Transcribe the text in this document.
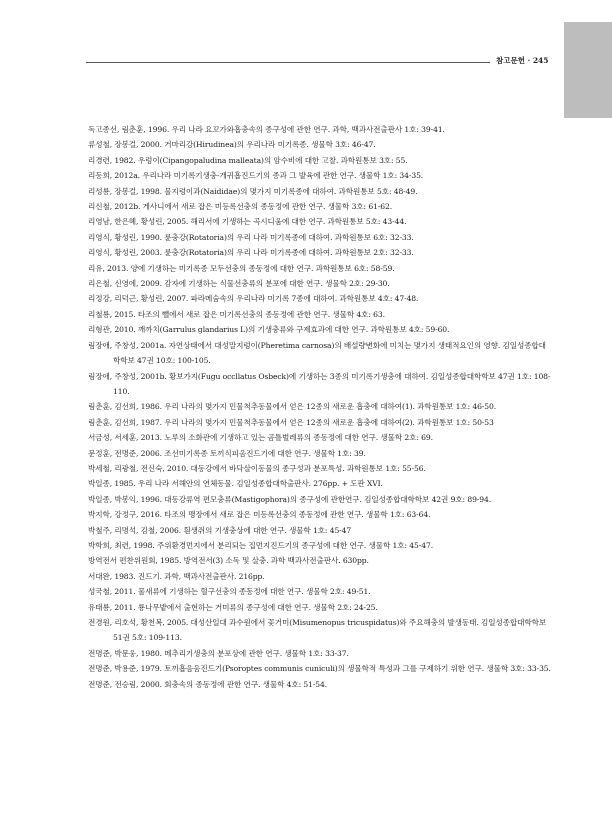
참고문헌 · 245

독고종선, 림춘훈, 1996. 우리 나라 요꼬가와흡충속의 종구성에 관한 연구. 과학, 백과사전출판사 1호: 39-41.

류성철, 장봉걸, 2000. 거마리강(Hirudinea)의 우리나라 미기록종. 생물학 3호: 46-47.

리경련, 1982. 우렁이(Cipangopaludina malleata)의 암수비에 대한 고찰. 과학원통보 3호: 55.

리동희, 2012a. 우리나라 미기록기생충-개귀흡진드기의 종과 그 발육에 관한 연구. 생물학 1호: 34-35.

리성룡, 장봉걸, 1998. 물지렁이과(Naididae)의 몇가지 미기록종에 대하여. 과학원통보 5호: 48-49.

리신철, 2012b. 게사니에서 새로 잡은 미등록선충의 종동정에 관한 연구. 생물학 3호: 61-62.

리영남, 한은혜, 황성린, 2005. 해리서에 기생하는 곡시디움에 대한 연구. 과학원통보 5호: 43-44.

리영식, 황성린, 1990. 륜충강(Rotatoria)의 우리 나라 미기록종에 대하여. 과학원통보 6호: 32-33.

리영식, 황성린, 2003. 륜충강(Rotatoria)의 우리 나라 미기록종에 대하여. 과학원통보 2호: 32-33.

리유, 2013. 양에 기생하는 미기록종 모두선충의 종동정에 대한 연구. 과학원통보 6호: 58-59.

리은철, 신영에, 2009. 감자에 기생하는 식물선충류의 분포에 대한 연구. 생물학 2호: 29-30.

리정강, 리덕근, 황성린, 2007. 파라메숨속의 우리나라 미기록 7종에 대하여. 과학원통보 4호: 47-48.

리철룡, 2015. 타조의 뺄에서 새로 잡은 미기록선충의 종동정에 관한 연구. 생물학 4호: 63.

리형관, 2010. 깨까치(Garrulus glandarius L)의 기생충류와 구제효과에 대한 연구. 과학원통보 4호: 59-60.

림장애, 주창성, 2001a. 자연상태에서 대성말지렁이(Pheretima carnosa)의 배설량변화에 미치는 몇가지 생태적요인의 영향. 김일성종합대학학보 47권 10호: 100-105.

림장애, 주창성, 2001b. 황보가지(Fugu occllatus Osbeck)에 기생하는 3종의 미기록기생충에 대하여. 김일성종합대학학보 47권 1호: 108-110.

림춘훈, 김선희, 1986. 우리 나라의 몇가지 민물척추동물에서 얻은 12종의 새로운 흡충에 대하여(1). 과학원통보 1호: 46-50.

림춘훈, 김선희, 1987. 우리 나라의 몇가지 민물척추동물에서 얻은 12종의 새로운 흡충에 대하여(2). 과학원통보 1호: 50-53

서금성, 서세훈, 2013. 노루의 소화관에 기생하고 있는 곰틀벌레류의 종동정에 대한 연구. 생물학 2호: 69.

문정훈, 전명준, 2006. 조선미기록종 토끼식피옴진드기에 대한 연구. 생물학 1호: 39.

박세철, 리광철, 전신숙, 2010. 대동강에서 바닥살이동물의 종구성과 분포특성. 과학원통보 1호: 55-56.

박일종, 1985. 우리 나라 서해안의 연체동물. 김일성종합대학출판사. 276pp. + 도판 XVI.

박일종, 박봉익, 1996. 대동강류역 편모충류(Mastigophora)의 종구성에 관한연구. 김일성종합대학학보 42권 9호: 89-94.

박지학, 강정구, 2016. 타조의 맹장에서 새로 잡은 미등록선충의 종동정에 관한 연구. 생물학 1호: 63-64.

박철주, 리명석, 김철, 2006. 흰생쥐의 기생충상에 대한 연구. 생물학 1호: 45-47

박학희, 최련, 1998. 주위환경먼지에서 분리되는 집먼지진드기의 종구성에 대한 연구. 생물학 1호: 45-47.

방역전서 편찬위원회, 1985. 방역전서(3) 소독 및 살충. 과학 백과사전출판사. 630pp.

서대완, 1983. 진드기. 과학, 백과사전출판사. 216pp.

성국철, 2011. 물새류에 기생하는 혈구선충의 종동정에 대한 연구. 생물학 2호: 49-51.

유태룡, 2011. 룡나무밭에서 출현하는 거미류의 종구성에 대한 연구. 생물학 2호: 24-25.

전경원, 리호석, 황천복, 2005. 대성산일대 과수원에서 꽃거미(Misumenopus tricuspidatus)와 주요해충의 발생동태. 김일성종합대학학보 51권 5호: 109-113.

전명준, 박문웅, 1980. 메추리기생충의 분포상에 관한 연구. 생물학 1호: 33-37.

전명준, 박용준, 1979. 토끼흡음옴진드기(Psoroptes communis cuniculi)의 생물학적 특성과 그를 구제하기 위한 연구. 생물학 3호: 33-35.

전명준, 전승림, 2000. 회충속의 종동정에 관한 연구. 생물학 4호: 51-54.
